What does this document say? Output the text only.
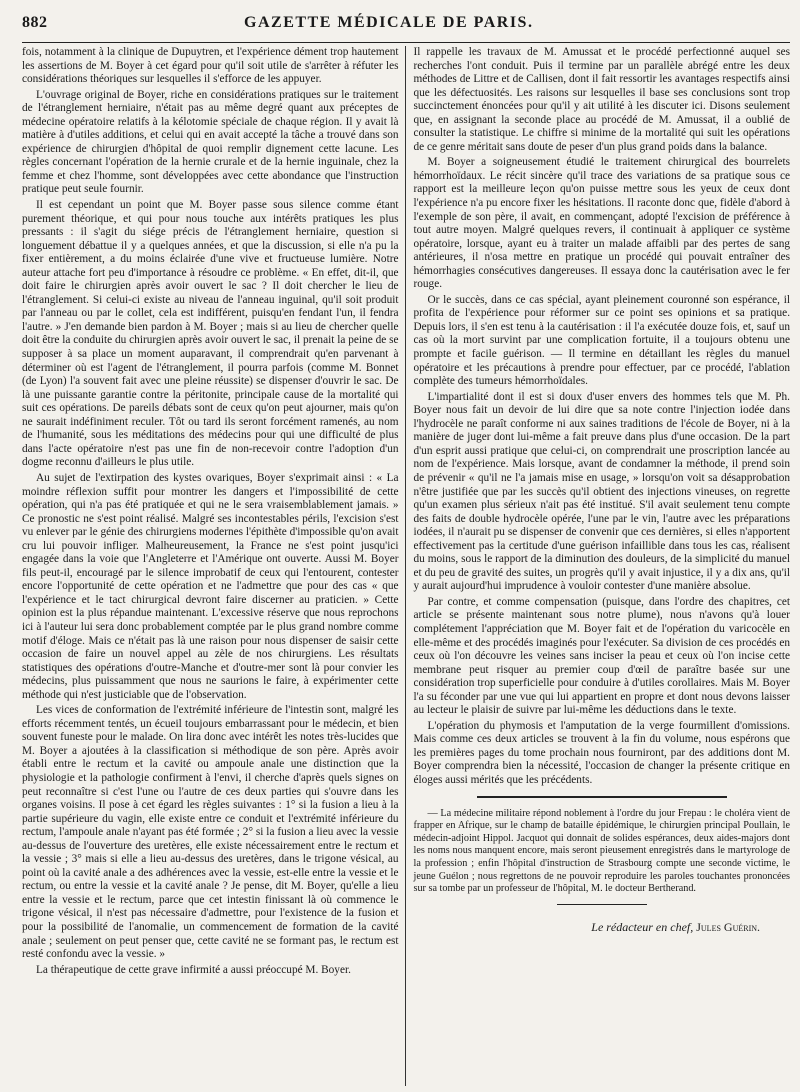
882	GAZETTE MÉDICALE DE PARIS.

fois, notamment à la clinique de Dupuytren, et l'expérience dément trop hautement les assertions de M. Boyer à cet égard pour qu'il soit utile de s'arrêter à réfuter les considérations théoriques sur lesquelles il s'efforce de les appuyer.

L'ouvrage original de Boyer, riche en considérations pratiques sur le traitement de l'étranglement herniaire, n'était pas au même degré quant aux préceptes de médecine opératoire relatifs à la kélotomie spéciale de chaque région. Il y avait là matière à d'utiles additions, et celui qui en avait accepté la tâche a trouvé dans son expérience de chirurgien d'hôpital de quoi remplir dignement cette lacune. Les règles concernant l'opération de la hernie crurale et de la hernie inguinale, chez la femme et chez l'homme, sont développées avec cette abondance que l'instruction pratique peut seule fournir.

Il est cependant un point que M. Boyer passe sous silence comme étant purement théorique, et qui pour nous touche aux intérêts pratiques les plus pressants : il s'agit du siége précis de l'étranglement herniaire, question si longuement débattue il y a quelques années, et que la discussion, si elle n'a pu la fixer entièrement, a du moins éclairée d'une vive et fructueuse lumière. Notre auteur attache fort peu d'importance à résoudre ce problème. « En effet, dit-il, que doit faire le chirurgien après avoir ouvert le sac ? Il doit chercher le lieu de l'étranglement. Si celui-ci existe au niveau de l'anneau inguinal, qu'il soit produit par l'anneau ou par le collet, cela est indifférent, puisqu'en fendant l'un, il fendra l'autre. » J'en demande bien pardon à M. Boyer ; mais si au lieu de chercher quelle doit être la conduite du chirurgien après avoir ouvert le sac, il prenait la peine de se supposer à sa place un moment auparavant, il comprendrait qu'en parvenant à déterminer où est l'agent de l'étranglement, il pourra parfois (comme M. Bonnet (de Lyon) l'a souvent fait avec une pleine réussite) se dispenser d'ouvrir le sac. De là une puissante garantie contre la péritonite, principale cause de la mortalité qui suit ces opérations. De pareils débats sont de ceux qu'on peut ajourner, mais qu'on ne saurait indéfiniment reculer. Tôt ou tard ils seront forcément ramenés, au nom de l'humanité, sous les méditations des médecins pour qui une difficulté de plus dans l'acte opératoire n'est pas une fin de non-recevoir contre l'adoption d'un dogme reconnu d'ailleurs le plus utile.

Au sujet de l'extirpation des kystes ovariques, Boyer s'exprimait ainsi : « La moindre réflexion suffit pour montrer les dangers et l'impossibilité de cette opération, qui n'a pas été pratiquée et qui ne le sera vraisemblablement jamais. » Ce pronostic ne s'est point réalisé. Malgré ses incontestables périls, l'excision s'est vu enlever par le génie des chirurgiens modernes l'épithète d'impossible qu'on avait cru lui pouvoir infliger. Malheureusement, la France ne s'est point jusqu'ici engagée dans la voie que l'Angleterre et l'Amérique ont ouverte. Aussi M. Boyer fils peut-il, encouragé par le silence improbatif de ceux qui l'entourent, contester encore l'opportunité de cette opération et ne l'admettre que pour des cas « que l'expérience et le tact chirurgical devront faire discerner au praticien. » Cette opinion est la plus répandue maintenant. L'excessive réserve que nous reprochons ici à l'auteur lui sera donc probablement comptée par le plus grand nombre comme motif d'éloge. Mais ce n'était pas là une raison pour nous dispenser de saisir cette occasion de faire un nouvel appel au zèle de nos chirurgiens. Les résultats statistiques des opérations d'outre-Manche et d'outre-mer sont là pour convier les médecins, plus puissamment que nous ne saurions le faire, à expérimenter cette méthode qui n'est justiciable que de l'observation.

Les vices de conformation de l'extrémité inférieure de l'intestin sont, malgré les efforts récemment tentés, un écueil toujours embarrassant pour le médecin, et bien souvent funeste pour le malade. On lira donc avec intérêt les notes très-lucides que M. Boyer a ajoutées à la classification si méthodique de son père. Après avoir établi entre le rectum et la cavité ou ampoule anale une distinction que la physiologie et la pathologie confirment à l'envi, il cherche d'après quels signes on peut reconnaître si c'est l'une ou l'autre de ces deux parties qui s'ouvre dans les organes voisins. Il pose à cet égard les règles suivantes : 1° si la fusion a lieu à la partie supérieure du vagin, elle existe entre ce conduit et l'extrémité inférieure du rectum, l'ampoule anale n'ayant pas été formée ; 2° si la fusion a lieu avec la vessie au-dessus de l'ouverture des uretères, elle existe nécessairement entre le rectum et la vessie ; 3° mais si elle a lieu au-dessus des uretères, dans le trigone vésical, au point où la cavité anale a des adhérences avec la vessie, est-elle entre la vessie et le rectum, ou entre la vessie et la cavité anale ? Je pense, dit M. Boyer, qu'elle a lieu entre la vessie et le rectum, parce que cet intestin finissant là où commence le trigone vésical, il n'est pas nécessaire d'admettre, pour l'existence de la fusion et pour la possibilité de l'anomalie, un commencement de formation de la cavité anale ; seulement on peut penser que, cette cavité ne se formant pas, le rectum est resté confondu avec la vessie. »

La thérapeutique de cette grave infirmité a aussi préoccupé M. Boyer.

Il rappelle les travaux de M. Amussat et le procédé perfectionné auquel ses recherches l'ont conduit. Puis il termine par un parallèle abrégé entre les deux méthodes de Littre et de Callisen, dont il fait ressortir les avantages respectifs ainsi que les défectuosités. Les raisons sur lesquelles il base ses conclusions sont trop succinctement énoncées pour qu'il y ait utilité à les discuter ici. Disons seulement que, en assignant la seconde place au procédé de M. Amussat, il a oublié de consulter la statistique. Le chiffre si minime de la mortalité qui suit les opérations de ce genre méritait sans doute de peser d'un plus grand poids dans la balance.

M. Boyer a soigneusement étudié le traitement chirurgical des bourrelets hémorrhoïdaux. Le récit sincère qu'il trace des variations de sa pratique sous ce rapport est la meilleure leçon qu'on puisse mettre sous les yeux de ceux dont l'expérience n'a pu encore fixer les hésitations. Il raconte donc que, fidèle d'abord à l'exemple de son père, il avait, en commençant, adopté l'excision de préférence à tout autre moyen. Malgré quelques revers, il continuait à appliquer ce système opératoire, lorsque, ayant eu à traiter un malade affaibli par des pertes de sang antérieures, il n'osa mettre en pratique un procédé qui pouvait entraîner des hémorrhagies consécutives dangereuses. Il essaya donc la cautérisation avec le fer rouge.

Or le succès, dans ce cas spécial, ayant pleinement couronné son espérance, il profita de l'expérience pour réformer sur ce point ses opinions et sa pratique. Depuis lors, il s'en est tenu à la cautérisation : il l'a exécutée douze fois, et, sauf un cas où la mort survint par une complication fortuite, il a toujours obtenu une prompte et facile guérison. — Il termine en détaillant les règles du manuel opératoire et les précautions à prendre pour effectuer, par ce procédé, l'ablation complète des tumeurs hémorrhoïdales.

L'impartialité dont il est si doux d'user envers des hommes tels que M. Ph. Boyer nous fait un devoir de lui dire que sa note contre l'injection iodée dans l'hydrocèle ne paraît conforme ni aux saines traditions de l'école de Boyer, ni à la manière de juger dont lui-même a fait preuve dans plus d'une occasion. De la part d'un esprit aussi pratique que celui-ci, on comprendrait une proscription lancée au nom de l'expérience. Mais lorsque, avant de condamner la méthode, il prend soin de prévenir « qu'il ne l'a jamais mise en usage, » lorsqu'on voit sa désapprobation n'être justifiée que par les succès qu'il obtient des injections vineuses, on regrette qu'un examen plus sérieux n'ait pas été institué. S'il avait seulement tenu compte des faits de double hydrocèle opérée, l'une par le vin, l'autre avec les préparations iodées, il n'aurait pu se dispenser de convenir que ces dernières, si elles n'apportent effectivement pas la certitude d'une guérison infaillible dans tous les cas, réalisent du moins, sous le rapport de la diminution des douleurs, de la simplicité du manuel et du peu de gravité des suites, un progrès qu'il y avait injustice, il y a dix ans, qu'il y aurait aujourd'hui imprudence à vouloir contester d'une manière absolue.

Par contre, et comme compensation (puisque, dans l'ordre des chapitres, cet article se présente maintenant sous notre plume), nous n'avons qu'à louer complétement l'appréciation que M. Boyer fait et de l'opération du varicocèle en elle-même et des procédés imaginés pour l'exécuter. Sa division de ces procédés en ceux où l'on découvre les veines sans inciser la peau et ceux où l'on incise cette membrane peut risquer au premier coup d'œil de paraître basée sur une considération trop superficielle pour conduire à d'utiles corollaires. Mais M. Boyer l'a su féconder par une vue qui lui appartient en propre et dont nous devons laisser au lecteur le plaisir de suivre par lui-même les déductions dans le texte.

L'opération du phymosis et l'amputation de la verge fourmillent d'omissions. Mais comme ces deux articles se trouvent à la fin du volume, nous espérons que les premières pages du tome prochain nous fourniront, par des additions dont M. Boyer comprendra bien la nécessité, l'occasion de changer la présente critique en éloges aussi mérités que les précédents.

— La médecine militaire répond noblement à l'ordre du jour Frepau : le choléra vient de frapper en Afrique, sur le champ de bataille épidémique, le chirurgien principal Poullain, le médecin-adjoint Hippol. Jacquot qui donnait de solides espérances, deux aides-majors dont les noms nous manquent encore, mais seront pieusement enregistrés dans le martyrologe de la profession ; enfin l'hôpital d'instruction de Strasbourg compte une seconde victime, le jeune Guélon ; nous regrettons de ne pouvoir reproduire les paroles touchantes prononcées sur sa tombe par un professeur de l'hôpital, M. le docteur Bertherand.

Le rédacteur en chef, Jules Guérin.
